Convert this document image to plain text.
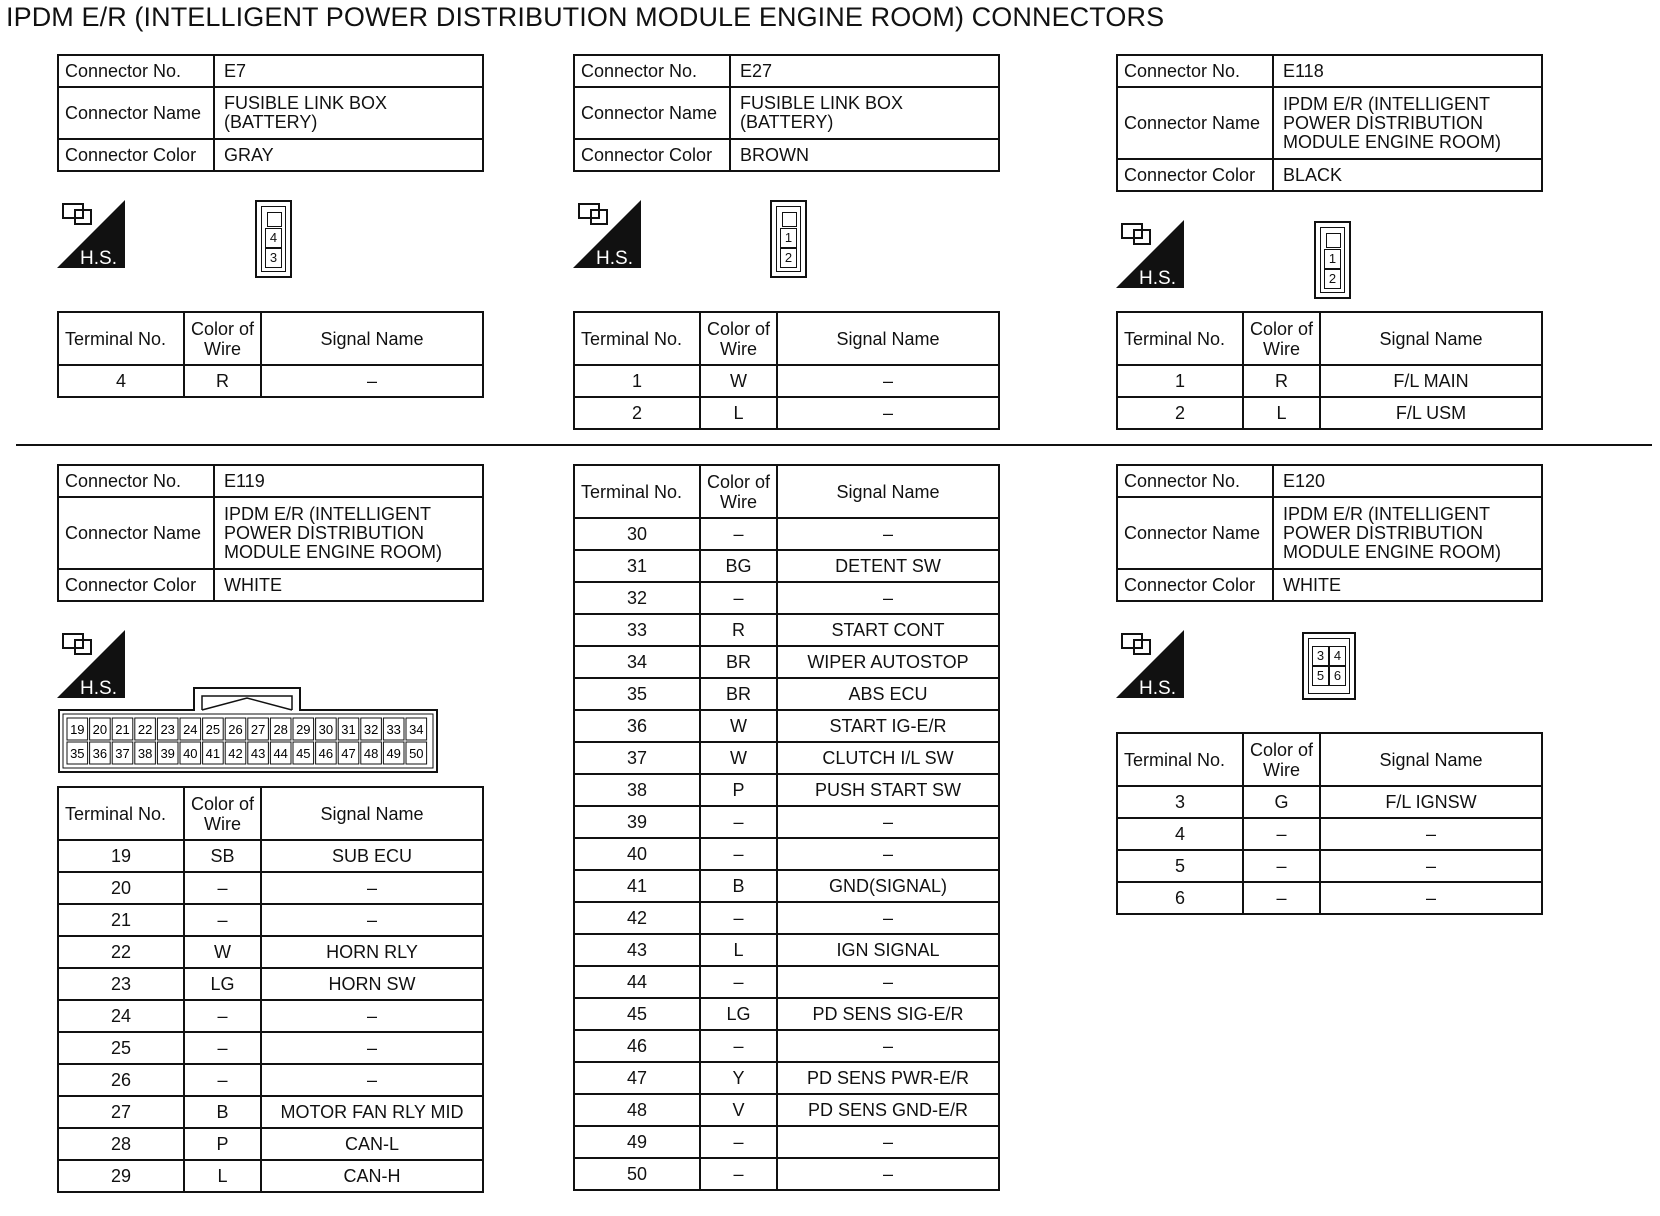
IPDM E/R (INTELLIGENT POWER DISTRIBUTION MODULE ENGINE ROOM) CONNECTORS
Connector No.	E7
Connector Name	FUSIBLE LINK BOX
(BATTERY)

Connector Color	GRAY
H.S.
4
3
Terminal No.	Color of
Wire	Signal Name
4	R	–
Connector No.	E27
Connector Name	FUSIBLE LINK BOX
(BATTERY)

Connector Color	BROWN
H.S.
1
2
Terminal No.	Color of
Wire	Signal Name
1	W	–
2	L	–
Connector No.	E118
Connector Name	IPDM E/R (INTELLIGENT
POWER DISTRIBUTION
MODULE ENGINE ROOM)

Connector Color	BLACK
H.S.
1
2
Terminal No.	Color of
Wire	Signal Name
1	R	F/L MAIN
2	L	F/L USM
Connector No.	E119
Connector Name	IPDM E/R (INTELLIGENT
POWER DISTRIBUTION
MODULE ENGINE ROOM)

Connector Color	WHITE
H.S.
19 20 21 22 23 24 25 26 27 28 29 30 31 32 33 34
35 36 37 38 39 40 41 42 43 44 45 46 47 48 49 50
Terminal No.	Color of
Wire	Signal Name
19	SB	SUB ECU
20	–	–
21	–	–
22	W	HORN RLY
23	LG	HORN SW
24	–	–
25	–	–
26	–	–
27	B	MOTOR FAN RLY MID
28	P	CAN-L
29	L	CAN-H
Terminal No.	Color of
Wire	Signal Name
30	–	–
31	BG	DETENT SW
32	–	–
33	R	START CONT
34	BR	WIPER AUTOSTOP
35	BR	ABS ECU
36	W	START IG-E/R
37	W	CLUTCH I/L SW
38	P	PUSH START SW
39	–	–
40	–	–
41	B	GND(SIGNAL)
42	–	–
43	L	IGN SIGNAL
44	–	–
45	LG	PD SENS SIG-E/R
46	–	–
47	Y	PD SENS PWR-E/R
48	V	PD SENS GND-E/R
49	–	–
50	–	–
Connector No.	E120
Connector Name	IPDM E/R (INTELLIGENT
POWER DISTRIBUTION
MODULE ENGINE ROOM)

Connector Color	WHITE
H.S.
3 4
5 6
Terminal No.	Color of
Wire	Signal Name
3	G	F/L IGNSW
4	–	–
5	–	–
6	–	–
